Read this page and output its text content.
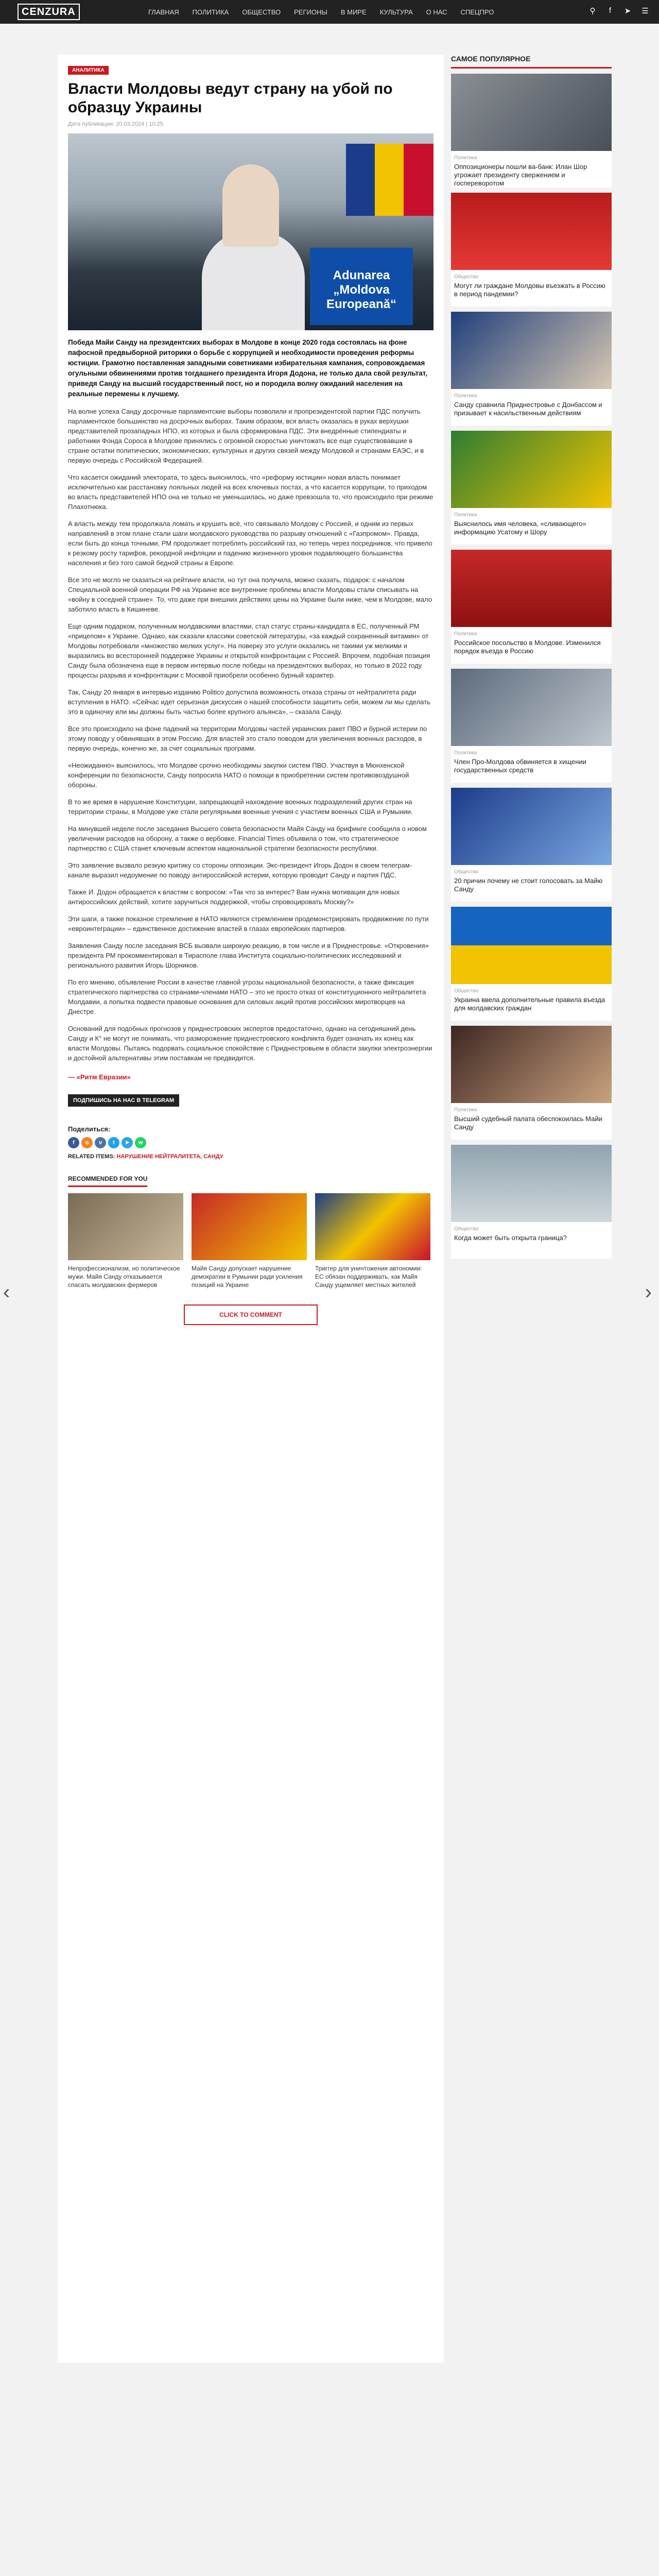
CENZURA	ГЛАВНАЯ ПОЛИТИКА ОБЩЕСТВО РЕГИОНЫ В МИРЕ КУЛЬТУРА О НАС СПЕЦПРО	⚲	f	➤ ☰
‹	›
АНАЛИТИКА
Власти Молдовы ведут страну на убой по образцу Украины
Дата публикации: 20.03.2024 | 10:25
Adunarea „Moldova Europeană“

Победа Майи Санду на президентских выборах в Молдове в конце 2020 года состоялась на фоне пафосной предвыборной риторики о борьбе с коррупцией и необходимости проведения реформы юстиции. Грамотно поставленная западными советниками избирательная кампания, сопровождаемая огульными обвинениями против тогдашнего президента Игоря Додона, не только дала свой результат, приведя Санду на высший государственный пост, но и породила волну ожиданий населения на реальные перемены к лучшему.

На волне успеха Санду досрочные парламентские выборы позволили и пропрезидентской партии ПДС получить парламентское большинство на досрочных выборах. Таким образом, вся власть оказалась в руках верхушки представителей прозападных НПО, из которых и была сформирована ПДС. Эти внедрённые стипендиаты и работники Фонда Сороса в Молдове принялись с огромной скоростью уничтожать все еще существовавшие в стране остатки политических, экономических, культурных и других связей между Молдовой и странами ЕАЭС, и в первую очередь с Российской Федерацией.

Что касается ожиданий электората, то здесь выяснилось, что «реформу юстиции» новая власть понимает исключительно как расстановку лояльных людей на всех ключевых постах, а что касается коррупции, то приходом во власть представителей НПО она не только не уменьшилась, но даже превзошла то, что происходило при режиме Плахотнюка.

А власть между тем продолжала ломать и крушить всё, что связывало Молдову с Россией, и одним из первых направлений в этом плане стали шаги молдавского руководства по разрыву отношений с «Газпромом». Правда, если быть до конца точными, РМ продолжает потреблять российский газ, но теперь через посредников, что привело к резкому росту тарифов, рекордной инфляции и падению жизненного уровня подавляющего большинства населения и без того самой бедной страны в Европе.

Все это не могло не сказаться на рейтинге власти, но тут она получила, можно сказать, подарок: с началом Специальной военной операции РФ на Украине все внутренние проблемы власти Молдовы стали списывать на «войну в соседней стране». То, что даже при внешних действиях цены на Украине были ниже, чем в Молдове, мало заботило власть в Кишиневе.

Еще одним подарком, полученным молдавскими властями, стал статус страны-кандидата в ЕС, полученный РМ «прицепом» к Украине. Однако, как сказали классики советской литературы, «за каждый сохраненный витамин» от Молдовы потребовали «множество мелких услуг». На поверку это услуги оказались не такими уж мелкими и выразились во всесторонней поддержке Украины и открытой конфронтации с Россией. Впрочем, подобная позиция Санду была обозначена еще в первом интервью после победы на президентских выборах, но только в 2022 году процессы разрыва и конфронтации с Москвой приобрели особенно бурный характер.

Так, Санду 20 января в интервью изданию Politico допустила возможность отказа страны от нейтралитета ради вступления в НАТО. «Сейчас идет серьезная дискуссия о нашей способности защитить себя, можем ли мы сделать это в одиночку или мы должны быть частью более крупного альянса», – сказала Санду.

Все это происходило на фоне падений на территории Молдовы частей украинских ракет ПВО и бурной истерии по этому поводу у обвинявших в этом Россию. Для властей это стало поводом для увеличения военных расходов, в первую очередь, конечно же, за счет социальных программ.

«Неожиданно» выяснилось, что Молдове срочно необходимы закупки систем ПВО. Участвуя в Мюнхенской конференции по безопасности, Санду попросила НАТО о помощи в приобретении систем противовоздушной обороны.

В то же время в нарушение Конституции, запрещающей нахождение военных подразделений других стран на территории страны, в Молдове уже стали регулярными военные учения с участием военных США и Румынии.

На минувшей неделе после заседания Высшего совета безопасности Майя Санду на брифинге сообщила о новом увеличении расходов на оборону, а также о вербовке. Financial Times объявила о том, что стратегическое партнерство с США станет ключевым аспектом национальной стратегии безопасности республики.

Это заявление вызвало резкую критику со стороны оппозиции. Экс-президент Игорь Додон в своем телеграм-канале выразил недоумение по поводу антироссийской истерии, которую проводит Санду и партия ПДС.

Также И. Додон обращается к властям с вопросом: «Так что за интерес? Вам нужна мотивация для новых антироссийских действий, хотите заручиться поддержкой, чтобы спровоцировать Москву?»

Эти шаги, а также показное стремление в НАТО являются стремлением продемонстрировать продвижение по пути «евроинтеграции» – единственное достижение властей в глазах европейских партнеров.

Заявления Санду после заседания ВСБ вызвали широкую реакцию, в том числе и в Приднестровье. «Откровения» президента РМ прокомментировал в Тирасполе глава Института социально-политических исследований и регионального развития Игорь Шорников.

По его мнению, объявление России в качестве главной угрозы национальной безопасности, а также фиксация стратегического партнерства со странами-членами НАТО – это не просто отказ от конституционного нейтралитета Молдавии, а попытка подвести правовые основания для силовых акций против российских миротворцев на Днестре.

Оснований для подобных прогнозов у приднестровских экспертов предостаточно, однако на сегодняшний день Санду и К° не могут не понимать, что разморожение приднестровского конфликта будет означать их конец как власти Молдовы. Пытаясь подорвать социальное спокойствие с Приднестровьем в области закупки электроэнергии и достойной альтернативы этим поставкам не предвидится.

— «Ритм Евразии»
ПОДПИШИСЬ НА НАС В TELEGRAM
Поделиться:
f	o	v	t	➤	w
RELATED ITEMS: НАРУШЕНИЕ НЕЙТРАЛИТЕТА, САНДУ
RECOMMENDED FOR YOU
Непрофессионализм, но политическое мужи. Майя Санду отказывается спасать молдавских фермеров
Майя Санду допускает нарушение демократии в Румынии ради усиления позиций на Украине
Триггер для уничтожения автономии: ЕС обязан поддерживать, как Майя Санду ущемляет местных жителей
CLICK TO COMMENT
САМОЕ ПОПУЛЯРНОЕ
Политика
Оппозиционеры пошли ва-банк: Илан Шор угрожает президенту свержением и госпереворотом
Общество
Могут ли граждане Молдовы въезжать в Россию в период пандемии?
Политика
Санду сравнила Приднестровье с Донбассом и призывает к насильственным действиям
Политика
Выяснилось имя человека, «сливающего» информацию Усатому и Шору
Политика
Российское посольство в Молдове. Изменился порядок въезда в Россию
Политика
Член Про-Молдова обвиняется в хищении государственных средств
Общество
20 причин почему не стоит голосовать за Майю Санду
Общество
Украина ввела дополнительные правила въезда для молдавских граждан
Политика
Высший судебный палата обеспокоилась Майи Санду
Общество
Когда может быть открыта граница?
